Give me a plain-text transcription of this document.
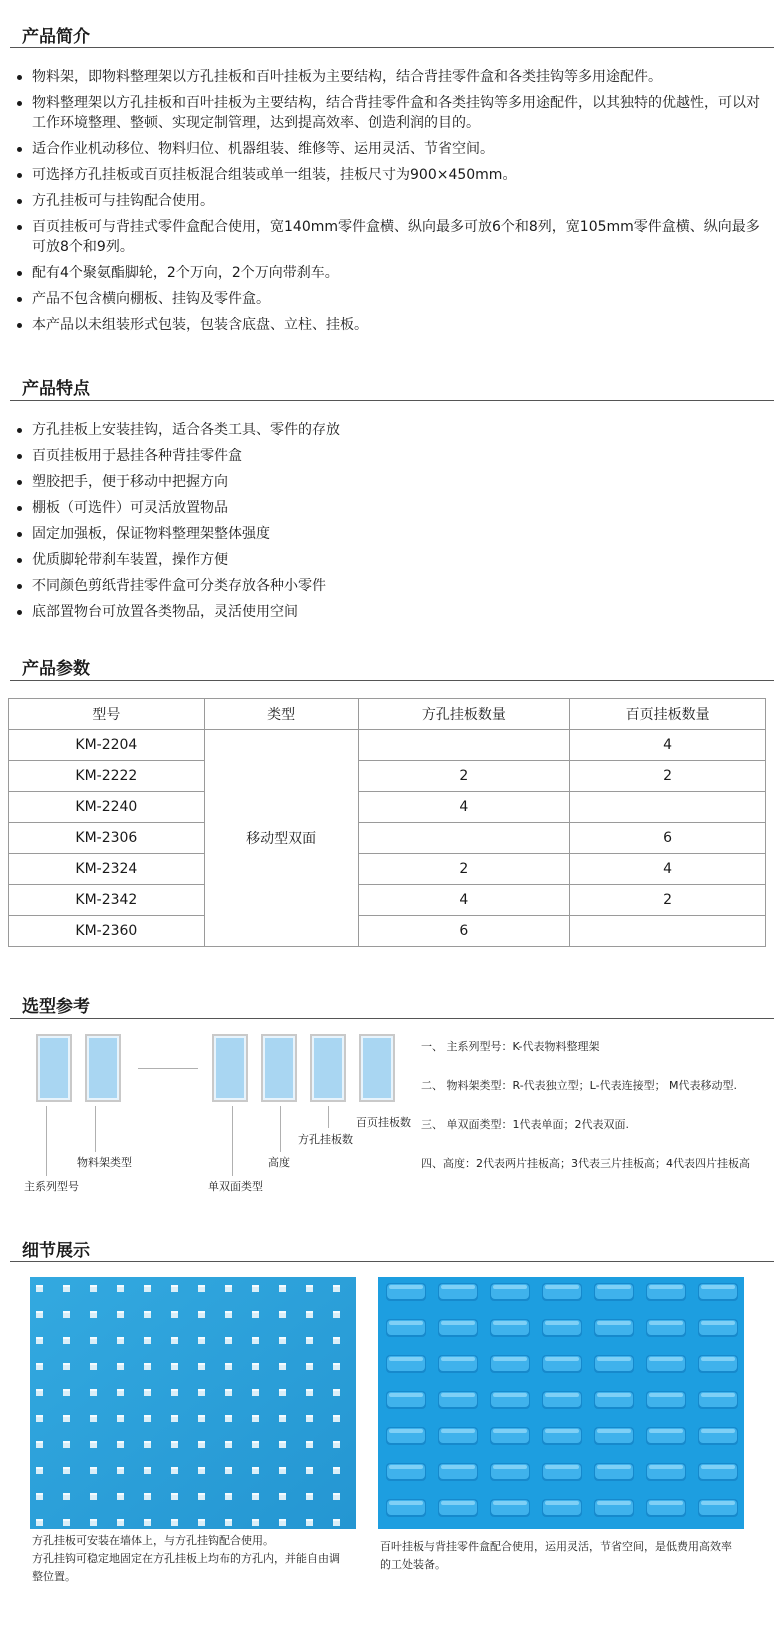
产品简介
物料架，即物料整理架以方孔挂板和百叶挂板为主要结构，结合背挂零件盒和各类挂钩等多用途配件。
物料整理架以方孔挂板和百叶挂板为主要结构，结合背挂零件盒和各类挂钩等多用途配件，以其独特的优越性，可以对工作环境整理、整顿、实现定制管理，达到提高效率、创造利润的目的。
适合作业机动移位、物料归位、机器组装、维修等、运用灵活、节省空间。
可选择方孔挂板或百页挂板混合组装或单一组装，挂板尺寸为900×450mm。
方孔挂板可与挂钩配合使用。
百页挂板可与背挂式零件盒配合使用，宽140mm零件盒横、纵向最多可放6个和8列，宽105mm零件盒横、纵向最多可放8个和9列。
配有4个聚氨酯脚轮，2个万向，2个万向带刹车。
产品不包含横向棚板、挂钩及零件盒。
本产品以未组装形式包装，包装含底盘、立柱、挂板。
产品特点
方孔挂板上安装挂钩，适合各类工具、零件的存放
百页挂板用于悬挂各种背挂零件盒
塑胶把手，便于移动中把握方向
棚板（可选件）可灵活放置物品
固定加强板，保证物料整理架整体强度
优质脚轮带刹车装置，操作方便
不同颜色剪纸背挂零件盒可分类存放各种小零件
底部置物台可放置各类物品，灵活使用空间
产品参数
型号	类型	方孔挂板数量	百页挂板数量
KM-2204	移动型双面		4
KM-2222		2	2
KM-2240		4	
KM-2306			6
KM-2324		2	4
KM-2342		4	2
KM-2360		6	
选型参考
主系列型号
物料架类型
单双面类型
高度
方孔挂板数
百页挂板数
一、 主系列型号：K-代表物料整理架
二、 物料架类型：R-代表独立型；L-代表连接型； M代表移动型.
三、 单双面类型：1代表单面；2代表双面.
四、高度：2代表两片挂板高；3代表三片挂板高；4代表四片挂板高
细节展示
方孔挂板可安装在墙体上，与方孔挂钩配合使用。
方孔挂钩可稳定地固定在方孔挂板上均布的方孔内，并能自由调
整位置。
百叶挂板与背挂零件盒配合使用，运用灵活，节省空间，是低费用高效率
的工处装备。
